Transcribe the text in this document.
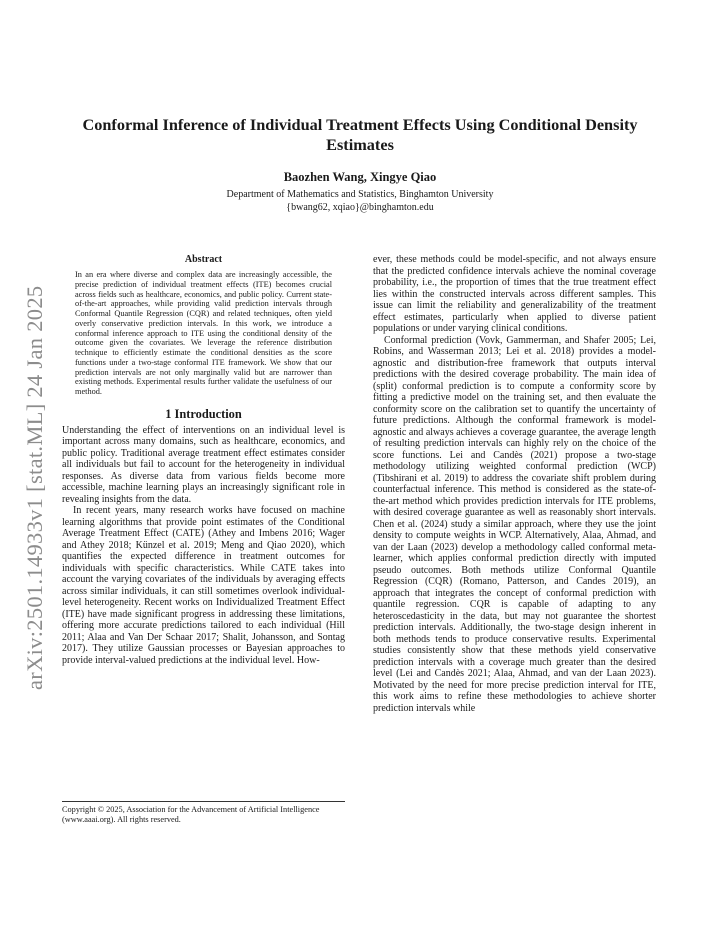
arXiv:2501.14933v1 [stat.ML] 24 Jan 2025
Conformal Inference of Individual Treatment Effects Using Conditional Density Estimates
Baozhen Wang, Xingye Qiao
Department of Mathematics and Statistics, Binghamton University
{bwang62, xqiao}@binghamton.edu
Abstract

In an era where diverse and complex data are increasingly accessible, the precise prediction of individual treatment effects (ITE) becomes crucial across fields such as healthcare, economics, and public policy. Current state-of-the-art approaches, while providing valid prediction intervals through Conformal Quantile Regression (CQR) and related techniques, often yield overly conservative prediction intervals. In this work, we introduce a conformal inference approach to ITE using the conditional density of the outcome given the covariates. We leverage the reference distribution technique to efficiently estimate the conditional densities as the score functions under a two-stage conformal ITE framework. We show that our prediction intervals are not only marginally valid but are narrower than existing methods. Experimental results further validate the usefulness of our method.

1 Introduction

Understanding the effect of interventions on an individual level is important across many domains, such as healthcare, economics, and public policy. Traditional average treatment effect estimates consider all individuals but fail to account for the heterogeneity in individual responses. As diverse data from various fields become more accessible, machine learning plays an increasingly significant role in revealing insights from the data.

In recent years, many research works have focused on machine learning algorithms that provide point estimates of the Conditional Average Treatment Effect (CATE) (Athey and Imbens 2016; Wager and Athey 2018; Künzel et al. 2019; Meng and Qiao 2020), which quantifies the expected difference in treatment outcomes for individuals with specific characteristics. While CATE takes into account the varying covariates of the individuals by averaging effects across similar individuals, it can still sometimes overlook individual-level heterogeneity. Recent works on Individualized Treatment Effect (ITE) have made significant progress in addressing these limitations, offering more accurate predictions tailored to each individual (Hill 2011; Alaa and Van Der Schaar 2017; Shalit, Johansson, and Sontag 2017). They utilize Gaussian processes or Bayesian approaches to provide interval-valued predictions at the individual level. How-

ever, these methods could be model-specific, and not always ensure that the predicted confidence intervals achieve the nominal coverage probability, i.e., the proportion of times that the true treatment effect lies within the constructed intervals across different samples. This issue can limit the reliability and generalizability of the treatment effect estimates, particularly when applied to diverse patient populations or under varying clinical conditions.

Conformal prediction (Vovk, Gammerman, and Shafer 2005; Lei, Robins, and Wasserman 2013; Lei et al. 2018) provides a model-agnostic and distribution-free framework that outputs interval predictions with the desired coverage probability. The main idea of (split) conformal prediction is to compute a conformity score by fitting a predictive model on the training set, and then evaluate the conformity score on the calibration set to quantify the uncertainty of future predictions. Although the conformal framework is model-agnostic and always achieves a coverage guarantee, the average length of resulting prediction intervals can highly rely on the choice of the score functions. Lei and Candès (2021) propose a two-stage methodology utilizing weighted conformal prediction (WCP) (Tibshirani et al. 2019) to address the covariate shift problem during counterfactual inference. This method is considered as the state-of-the-art method which provides prediction intervals for ITE problems, with desired coverage guarantee as well as reasonably short intervals. Chen et al. (2024) study a similar approach, where they use the joint density to compute weights in WCP. Alternatively, Alaa, Ahmad, and van der Laan (2023) develop a methodology called conformal meta-learner, which applies conformal prediction directly with imputed pseudo outcomes. Both methods utilize Conformal Quantile Regression (CQR) (Romano, Patterson, and Candes 2019), an approach that integrates the concept of conformal prediction with quantile regression. CQR is capable of adapting to any heteroscedasticity in the data, but may not guarantee the shortest prediction intervals. Additionally, the two-stage design inherent in both methods tends to produce conservative results. Experimental studies consistently show that these methods yield conservative prediction intervals with a coverage much greater than the desired level (Lei and Candès 2021; Alaa, Ahmad, and van der Laan 2023). Motivated by the need for more precise prediction interval for ITE, this work aims to refine these methodologies to achieve shorter prediction intervals while

Copyright © 2025, Association for the Advancement of Artificial Intelligence (www.aaai.org). All rights reserved.
